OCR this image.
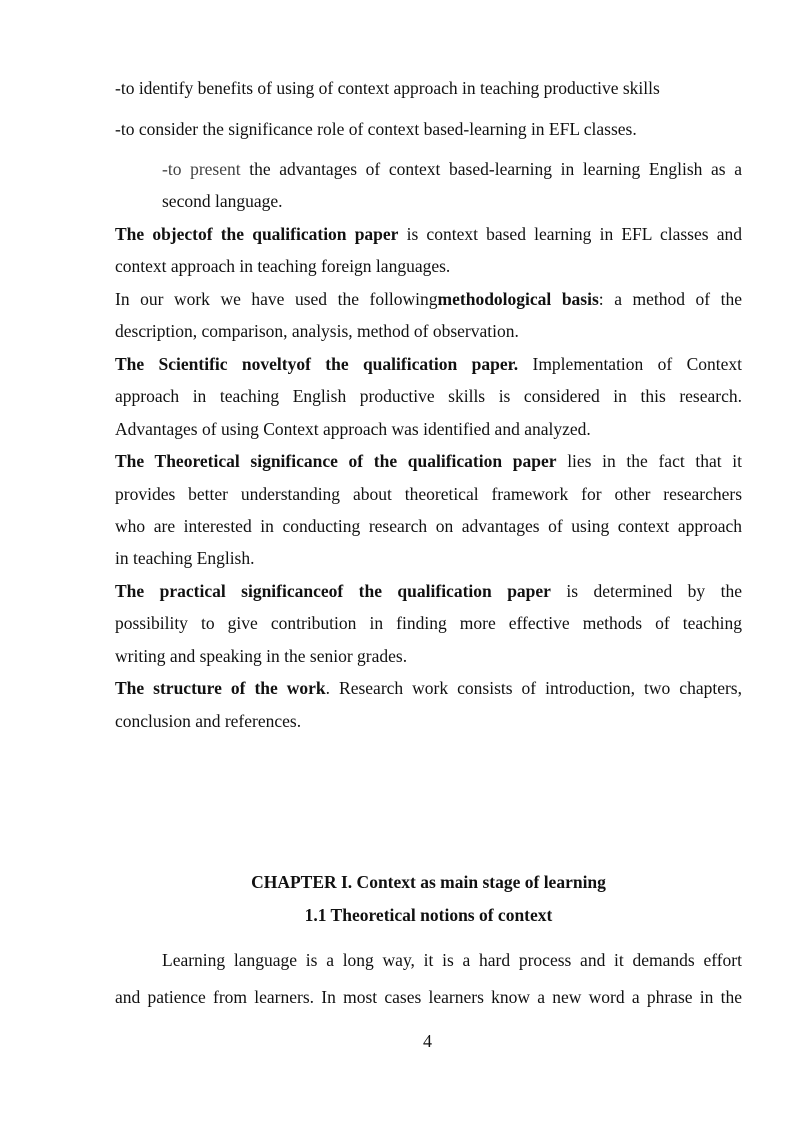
-to identify benefits of using of context approach in teaching productive skills
-to consider the significance role of context based-learning in EFL classes.
-to present the advantages of context based-learning in learning English as a
second language.
The objectof the qualification paper is context based learning in EFL classes and
context approach in teaching foreign languages.
In our work we have used the followingmethodological basis: a method of the
description, comparison, analysis, method of observation.
The Scientific noveltyof the qualification paper. Implementation of Context
approach in teaching English productive skills is considered in this research.
Advantages of using Context approach was identified and analyzed.
The Theoretical significance of the qualification paper lies in the fact that it
provides better understanding about theoretical framework for other researchers
who are interested in conducting research on advantages of using context approach
in teaching English.
The practical significanceof the qualification paper is determined by the
possibility to give contribution in finding more effective methods of teaching
writing and speaking in the senior grades.
The structure of the work. Research work consists of introduction, two chapters,
conclusion and references.
CHAPTER I. Context as main stage of learning
1.1 Theoretical notions of context
Learning language is a long way, it is a hard process and it demands effort
and patience from learners. In most cases learners know a new word a phrase in the
4
